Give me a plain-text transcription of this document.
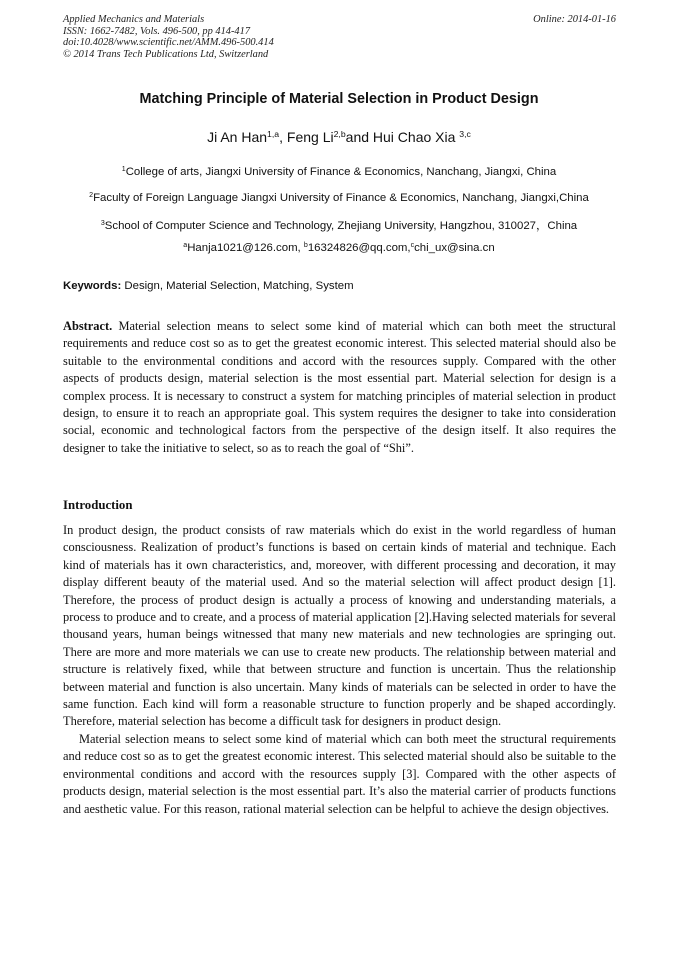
Applied Mechanics and Materials
ISSN: 1662-7482, Vols. 496-500, pp 414-417
doi:10.4028/www.scientific.net/AMM.496-500.414
© 2014 Trans Tech Publications Ltd, Switzerland
Online: 2014-01-16
Matching Principle of Material Selection in Product Design
Ji An Han$^{1,a}$, Feng Li$^{2,b}$and Hui Chao Xia $^{3,c}$
$^1$College of arts, Jiangxi University of Finance & Economics, Nanchang, Jiangxi, China
$^2$Faculty of Foreign Language Jiangxi University of Finance & Economics, Nanchang, Jiangxi,China
$^3$School of Computer Science and Technology, Zhejiang University, Hangzhou, 310027，China
$^a$Hanja1021@126.com, $^b$16324826@qq.com,$^c$chi_ux@sina.cn
Keywords: Design, Material Selection, Matching, System

Abstract. Material selection means to select some kind of material which can both meet the structural requirements and reduce cost so as to get the greatest economic interest. This selected material should also be suitable to the environmental conditions and accord with the resources supply. Compared with the other aspects of products design, material selection is the most essential part. Material selection for design is a complex process. It is necessary to construct a system for matching principles of material selection in product design, to ensure it to reach an appropriate goal. This system requires the designer to take into consideration social, economic and technological factors from the perspective of the design itself. It also requires the designer to take the initiative to select, so as to reach the goal of “Shi”.

Introduction

In product design, the product consists of raw materials which do exist in the world regardless of human consciousness. Realization of product’s functions is based on certain kinds of material and technique. Each kind of materials has it own characteristics, and, moreover, with different processing and decoration, it may display different beauty of the material used. And so the material selection will affect product design [1]. Therefore, the process of product design is actually a process of knowing and understanding materials, a process to produce and to create, and a process of material application [2].Having selected materials for several thousand years, human beings witnessed that many new materials and new technologies are springing out. There are more and more materials we can use to create new products. The relationship between material and structure is relatively fixed, while that between structure and function is uncertain. Thus the relationship between material and function is also uncertain. Many kinds of materials can be selected in order to have the same function. Each kind will form a reasonable structure to function properly and be shaped accordingly. Therefore, material selection has become a difficult task for designers in product design.

Material selection means to select some kind of material which can both meet the structural requirements and reduce cost so as to get the greatest economic interest. This selected material should also be suitable to the environmental conditions and accord with the resources supply [3]. Compared with the other aspects of products design, material selection is the most essential part. It’s also the material carrier of products functions and aesthetic value. For this reason, rational material selection can be helpful to achieve the design objectives.
